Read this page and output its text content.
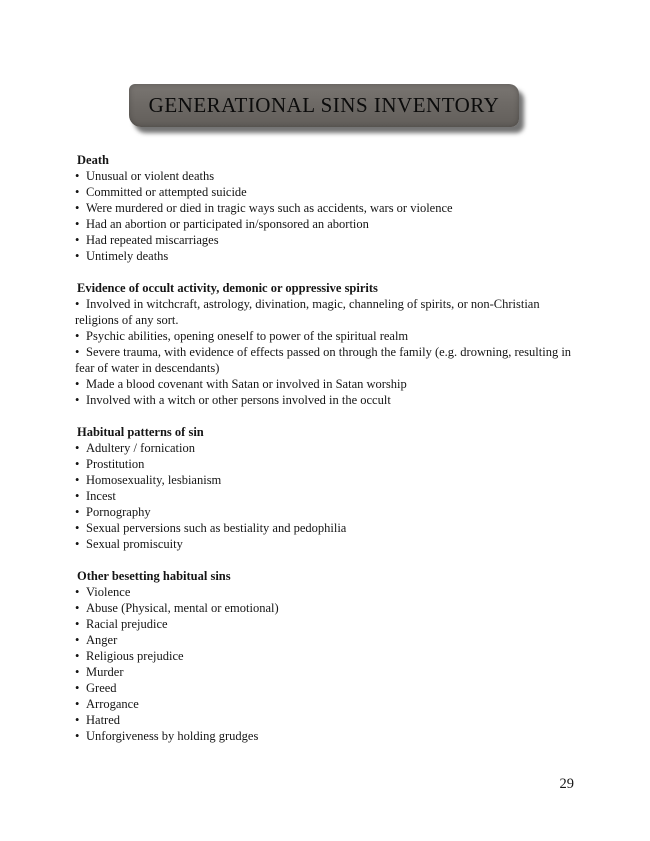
GENERATIONAL SINS INVENTORY
Death
• Unusual or violent deaths
• Committed or attempted suicide
• Were murdered or died in tragic ways such as accidents, wars or violence
• Had an abortion or participated in/sponsored an abortion
• Had repeated miscarriages
• Untimely deaths
Evidence of occult activity, demonic or oppressive spirits
• Involved in witchcraft, astrology, divination, magic, channeling of spirits, or non-Christian religions of any sort.
• Psychic abilities, opening oneself to power of the spiritual realm
• Severe trauma, with evidence of effects passed on through the family (e.g. drowning, resulting in fear of water in descendants)
• Made a blood covenant with Satan or involved in Satan worship
• Involved with a witch or other persons involved in the occult
Habitual patterns of sin
• Adultery / fornication
• Prostitution
• Homosexuality, lesbianism
• Incest
• Pornography
• Sexual perversions such as bestiality and pedophilia
• Sexual promiscuity
Other besetting habitual sins
• Violence
• Abuse (Physical, mental or emotional)
• Racial prejudice
• Anger
• Religious prejudice
• Murder
• Greed
• Arrogance
• Hatred
• Unforgiveness by holding grudges
29
